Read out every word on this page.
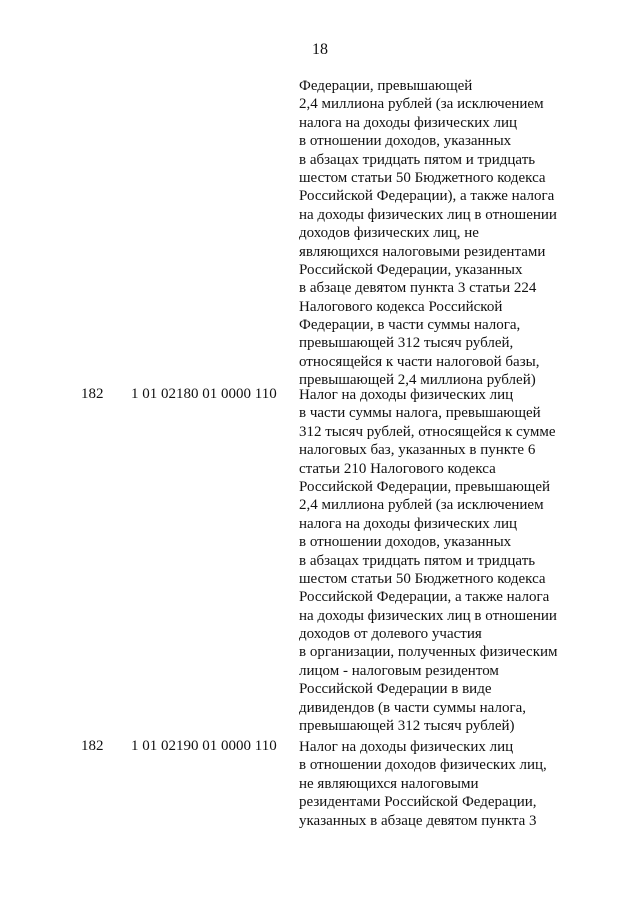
18
Федерации, превышающей
2,4 миллиона рублей (за исключением
налога на доходы физических лиц
в отношении доходов, указанных
в абзацах тридцать пятом и тридцать
шестом статьи 50 Бюджетного кодекса
Российской Федерации), а также налога
на доходы физических лиц в отношении
доходов физических лиц, не
являющихся налоговыми резидентами
Российской Федерации, указанных
в абзаце девятом пункта 3 статьи 224
Налогового кодекса Российской
Федерации, в части суммы налога,
превышающей 312 тысяч рублей,
относящейся к части налоговой базы,
превышающей 2,4 миллиона рублей)
182 1 01 02180 01 0000 110 Налог на доходы физических лиц
в части суммы налога, превышающей
312 тысяч рублей, относящейся к сумме
налоговых баз, указанных в пункте 6
статьи 210 Налогового кодекса
Российской Федерации, превышающей
2,4 миллиона рублей (за исключением
налога на доходы физических лиц
в отношении доходов, указанных
в абзацах тридцать пятом и тридцать
шестом статьи 50 Бюджетного кодекса
Российской Федерации, а также налога
на доходы физических лиц в отношении
доходов от долевого участия
в организации, полученных физическим
лицом - налоговым резидентом
Российской Федерации в виде
дивидендов (в части суммы налога,
превышающей 312 тысяч рублей)
182 1 01 02190 01 0000 110 Налог на доходы физических лиц
в отношении доходов физических лиц,
не являющихся налоговыми
резидентами Российской Федерации,
указанных в абзаце девятом пункта 3
